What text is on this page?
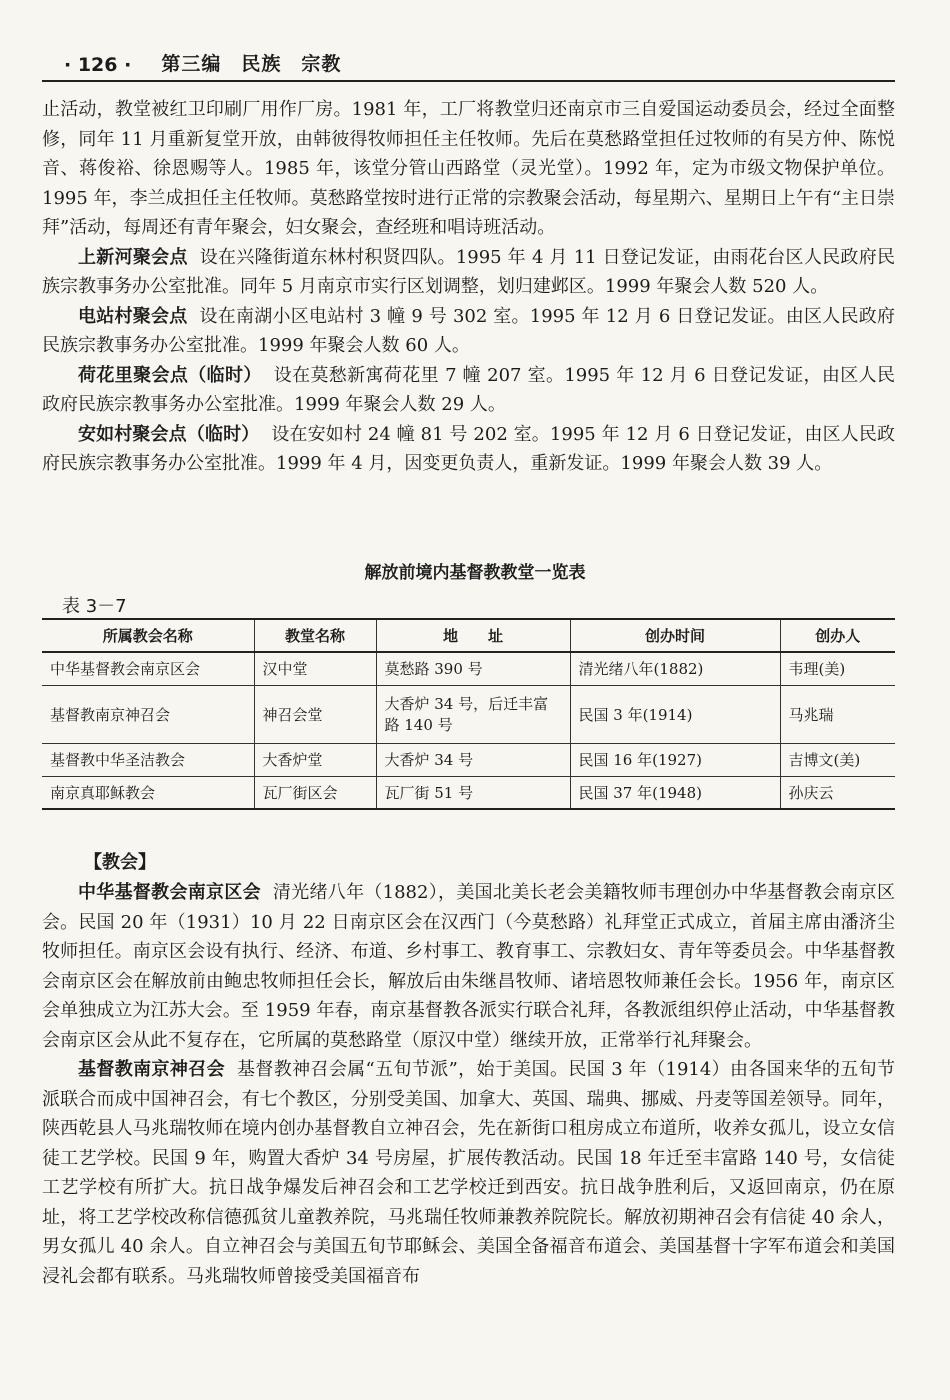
· 126 · 第三编　民族　宗教

止活动，教堂被红卫印刷厂用作厂房。1981 年，工厂将教堂归还南京市三自爱国运动委员会，经过全面整修，同年 11 月重新复堂开放，由韩彼得牧师担任主任牧师。先后在莫愁路堂担任过牧师的有吴方仲、陈悦音、蒋俊裕、徐恩赐等人。1985 年，该堂分管山西路堂（灵光堂）。1992 年，定为市级文物保护单位。1995 年，李兰成担任主任牧师。莫愁路堂按时进行正常的宗教聚会活动，每星期六、星期日上午有“主日崇拜”活动，每周还有青年聚会，妇女聚会，查经班和唱诗班活动。

上新河聚会点 设在兴隆街道东林村积贤四队。1995 年 4 月 11 日登记发证，由雨花台区人民政府民族宗教事务办公室批准。同年 5 月南京市实行区划调整，划归建邺区。1999 年聚会人数 520 人。

电站村聚会点 设在南湖小区电站村 3 幢 9 号 302 室。1995 年 12 月 6 日登记发证。由区人民政府民族宗教事务办公室批准。1999 年聚会人数 60 人。

荷花里聚会点（临时） 设在莫愁新寓荷花里 7 幢 207 室。1995 年 12 月 6 日登记发证，由区人民政府民族宗教事务办公室批准。1999 年聚会人数 29 人。

安如村聚会点（临时） 设在安如村 24 幢 81 号 202 室。1995 年 12 月 6 日登记发证，由区人民政府民族宗教事务办公室批准。1999 年 4 月，因变更负责人，重新发证。1999 年聚会人数 39 人。

解放前境内基督教教堂一览表
表 3－7
所属教会名称	教堂名称	地　　址	创办时间	创办人
中华基督教会南京区会	汉中堂	莫愁路 390 号	清光绪八年(1882)	韦理(美)
基督教南京神召会	神召会堂	大香炉 34 号，后迁丰富路 140 号	民国 3 年(1914)	马兆瑞
基督教中华圣洁教会	大香炉堂	大香炉 34 号	民国 16 年(1927)	吉博文(美)
南京真耶稣教会	瓦厂街区会	瓦厂街 51 号	民国 37 年(1948)	孙庆云
【教会】

中华基督教会南京区会 清光绪八年（1882），美国北美长老会美籍牧师韦理创办中华基督教会南京区会。民国 20 年（1931）10 月 22 日南京区会在汉西门（今莫愁路）礼拜堂正式成立，首届主席由潘济尘牧师担任。南京区会设有执行、经济、布道、乡村事工、教育事工、宗教妇女、青年等委员会。中华基督教会南京区会在解放前由鲍忠牧师担任会长，解放后由朱继昌牧师、诸培恩牧师兼任会长。1956 年，南京区会单独成立为江苏大会。至 1959 年春，南京基督教各派实行联合礼拜，各教派组织停止活动，中华基督教会南京区会从此不复存在，它所属的莫愁路堂（原汉中堂）继续开放，正常举行礼拜聚会。

基督教南京神召会 基督教神召会属“五旬节派”，始于美国。民国 3 年（1914）由各国来华的五旬节派联合而成中国神召会，有七个教区，分别受美国、加拿大、英国、瑞典、挪威、丹麦等国差领导。同年，陕西乾县人马兆瑞牧师在境内创办基督教自立神召会，先在新街口租房成立布道所，收养女孤儿，设立女信徒工艺学校。民国 9 年，购置大香炉 34 号房屋，扩展传教活动。民国 18 年迁至丰富路 140 号，女信徒工艺学校有所扩大。抗日战争爆发后神召会和工艺学校迁到西安。抗日战争胜利后，又返回南京，仍在原址，将工艺学校改称信德孤贫儿童教养院，马兆瑞任牧师兼教养院院长。解放初期神召会有信徒 40 余人，男女孤儿 40 余人。自立神召会与美国五旬节耶稣会、美国全备福音布道会、美国基督十字军布道会和美国浸礼会都有联系。马兆瑞牧师曾接受美国福音布
